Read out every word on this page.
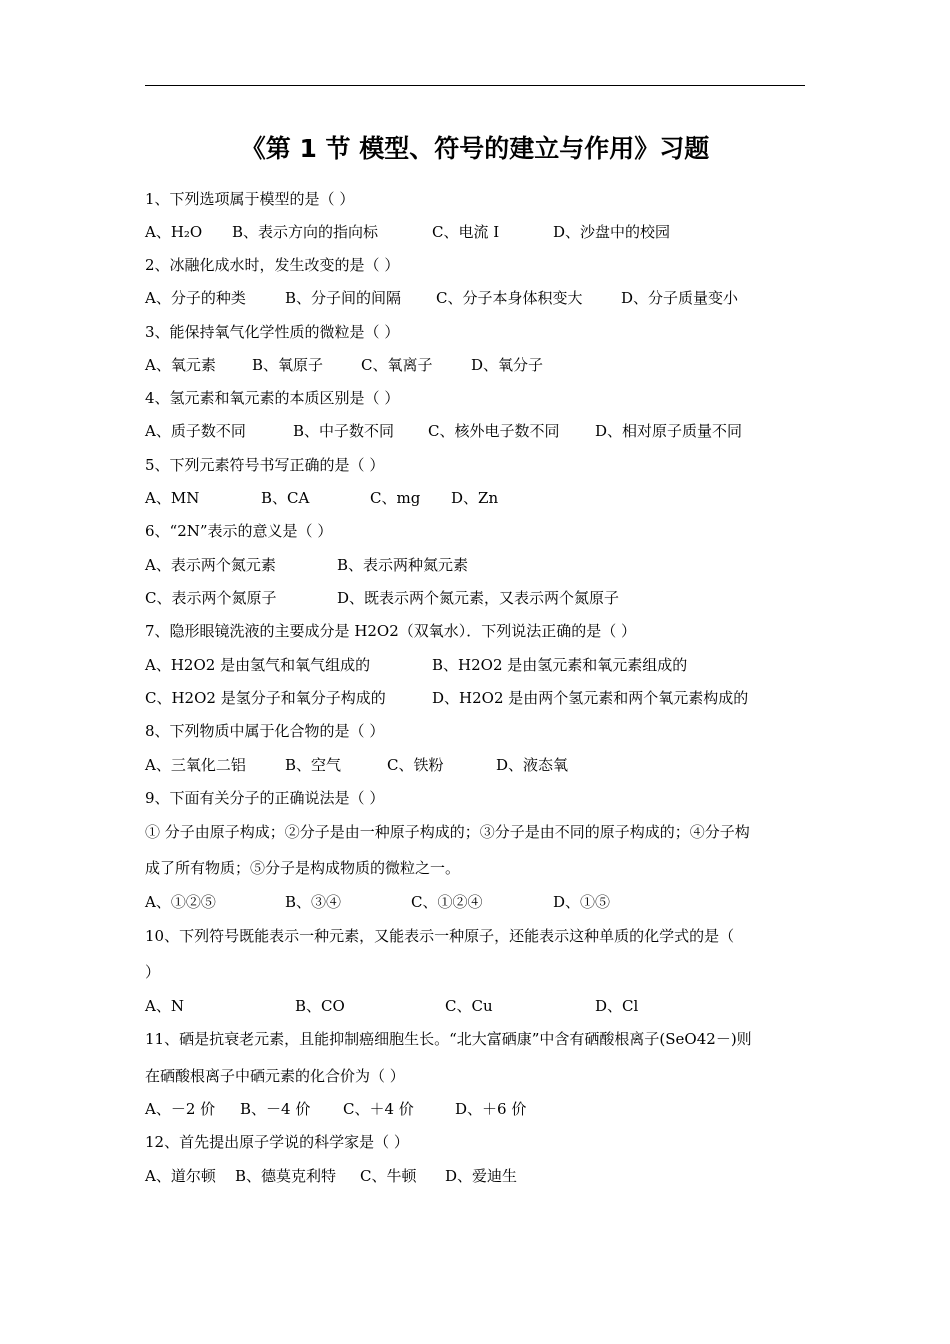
《第 1 节 模型、符号的建立与作用》习题
1、下列选项属于模型的是（ ）
A、H₂O B、表示方向的指向标	C、电流 I	D、沙盘中的校园
2、冰融化成水时，发生改变的是（ ）
A、分子的种类	B、分子间的间隔 C、分子本身体积变大	D、分子质量变小
3、能保持氧气化学性质的微粒是（ ）
A、氧元素 B、氧原子	C、氧离子	D、氧分子
4、氢元素和氧元素的本质区别是（ ）
A、质子数不同	B、中子数不同 C、核外电子数不同 D、相对原子质量不同
5、下列元素符号书写正确的是（ ）
A、MN	B、CA	C、mg D、Zn
6、“2N”表示的意义是（ ）
A、表示两个氮元素	B、表示两种氮元素
C、表示两个氮原子	D、既表示两个氮元素，又表示两个氮原子
7、隐形眼镜洗液的主要成分是 H2O2（双氧水）．下列说法正确的是（ ）
A、H2O2 是由氢气和氧气组成的	B、H2O2 是由氢元素和氧元素组成的
C、H2O2 是氢分子和氧分子构成的	D、H2O2 是由两个氢元素和两个氧元素构成的
8、下列物质中属于化合物的是（ ）
A、三氧化二铝	B、空气	C、铁粉	D、液态氧
9、下面有关分子的正确说法是（ ）
① 分子由原子构成；②分子是由一种原子构成的；③分子是由不同的原子构成的；④分子构
成了所有物质；⑤分子是构成物质的微粒之一。
A、①②⑤	B、③④	C、①②④	D、①⑤
10、下列符号既能表示一种元素，又能表示一种原子，还能表示这种单质的化学式的是（
）
A、N	B、CO	C、Cu	D、Cl
11、硒是抗衰老元素，且能抑制癌细胞生长。“北大富硒康”中含有硒酸根离子(SeO42－)则
在硒酸根离子中硒元素的化合价为（ ）
A、－2 价 B、－4 价 C、＋4 价	D、＋6 价
12、首先提出原子学说的科学家是（ ）
A、道尔顿 B、德莫克利特 C、牛顿 D、爱迪生
